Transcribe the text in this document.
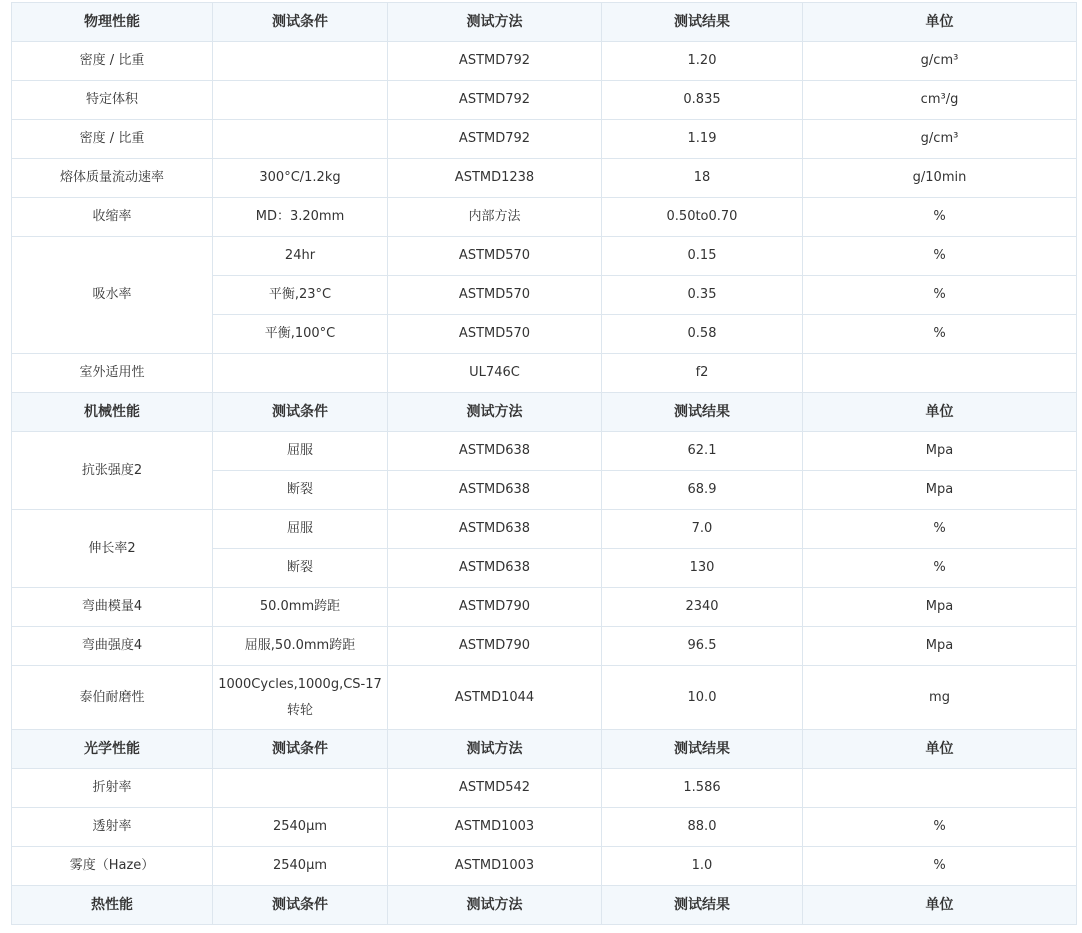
物理性能	测试条件	测试方法	测试结果	单位
密度 / 比重		ASTMD792	1.20	g/cm³
特定体积		ASTMD792	0.835	cm³/g
密度 / 比重		ASTMD792	1.19	g/cm³
熔体质量流动速率	300°C/1.2kg	ASTMD1238	18	g/10min
收缩率	MD：3.20mm	内部方法	0.50to0.70	%
吸水率	24hr	ASTMD570	0.15	%
	平衡,23°C	ASTMD570	0.35	%
	平衡,100°C	ASTMD570	0.58	%
室外适用性		UL746C	f2	
机械性能	测试条件	测试方法	测试结果	单位
抗张强度2	屈服	ASTMD638	62.1	Mpa
	断裂	ASTMD638	68.9	Mpa
伸长率2	屈服	ASTMD638	7.0	%
	断裂	ASTMD638	130	%
弯曲模量4	50.0mm跨距	ASTMD790	2340	Mpa
弯曲强度4	屈服,50.0mm跨距	ASTMD790	96.5	Mpa
泰伯耐磨性	1000Cycles,1000g,CS-17转轮	ASTMD1044	10.0	mg
光学性能	测试条件	测试方法	测试结果	单位
折射率		ASTMD542	1.586	
透射率	2540μm	ASTMD1003	88.0	%
雾度（Haze）	2540μm	ASTMD1003	1.0	%
热性能	测试条件	测试方法	测试结果	单位
